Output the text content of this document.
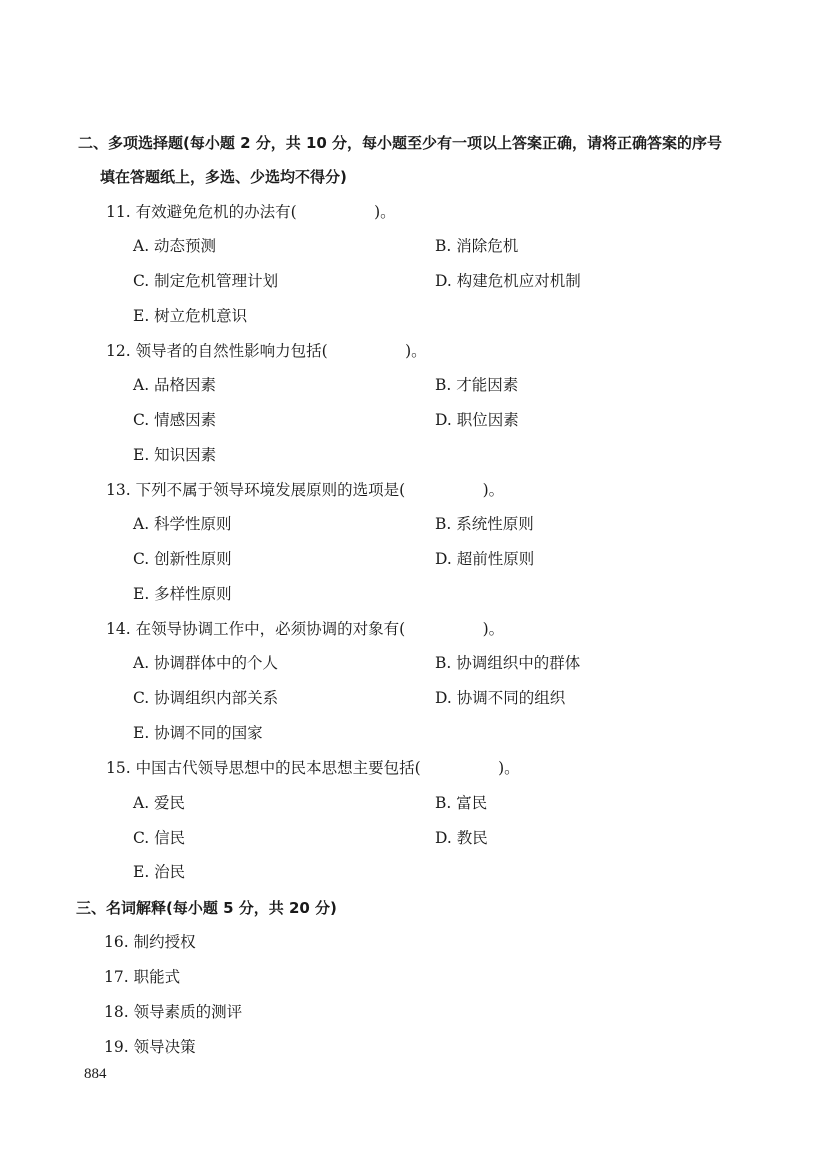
二、多项选择题(每小题 2 分，共 10 分，每小题至少有一项以上答案正确，请将正确答案的序号
填在答题纸上，多选、少选均不得分)
11. 有效避免危机的办法有(　　　　　)。
A. 动态预测	B. 消除危机
C. 制定危机管理计划	D. 构建危机应对机制
E. 树立危机意识
12. 领导者的自然性影响力包括(　　　　　)。
A. 品格因素	B. 才能因素
C. 情感因素	D. 职位因素
E. 知识因素
13. 下列不属于领导环境发展原则的选项是(　　　　　)。
A. 科学性原则	B. 系统性原则
C. 创新性原则	D. 超前性原则
E. 多样性原则
14. 在领导协调工作中，必须协调的对象有(　　　　　)。
A. 协调群体中的个人	B. 协调组织中的群体
C. 协调组织内部关系	D. 协调不同的组织
E. 协调不同的国家
15. 中国古代领导思想中的民本思想主要包括(　　　　　)。
A. 爱民	B. 富民
C. 信民	D. 教民
E. 治民
三、名词解释(每小题 5 分，共 20 分)
16. 制约授权
17. 职能式
18. 领导素质的测评
19. 领导决策
884
